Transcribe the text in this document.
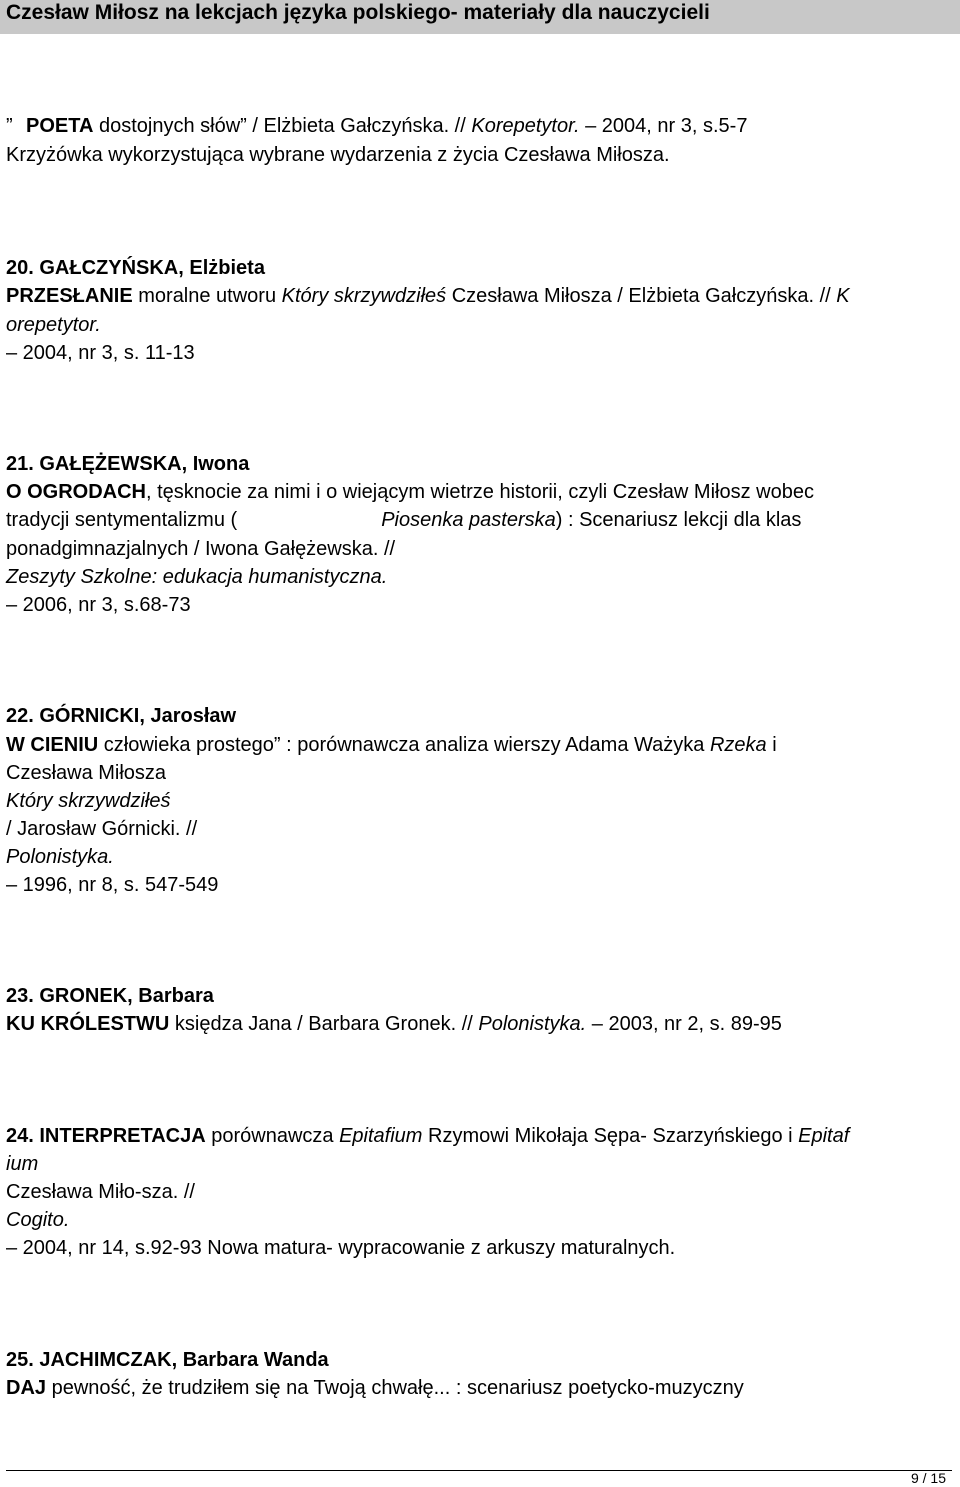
Czesław Miłosz na lekcjach języka polskiego- materiały dla nauczycieli
” POETA dostojnych słów” / Elżbieta Gałczyńska. // Korepetytor. – 2004, nr 3, s.5-7
Krzyżówka wykorzystująca wybrane wydarzenia z życia Czesława Miłosza.
20. GAŁCZYŃSKA, Elżbieta
PRZESŁANIE moralne utworu Który skrzywdziłeś Czesława Miłosza / Elżbieta Gałczyńska. // K
orepetytor.
– 2004, nr 3, s. 11-13
21. GAŁĘŻEWSKA, Iwona
O OGRODACH, tęsknocie za nimi i o wiejącym wietrze historii, czyli Czesław Miłosz wobec
tradycji sentymentalizmu (	Piosenka pasterska) : Scenariusz lekcji dla klas
ponadgimnazjalnych / Iwona Gałężewska. //
Zeszyty Szkolne: edukacja humanistyczna.
– 2006, nr 3, s.68-73
22. GÓRNICKI, Jarosław
W CIENIU człowieka prostego” : porównawcza analiza wierszy Adama Ważyka Rzeka i
Czesława Miłosza
Który skrzywdziłeś
/ Jarosław Górnicki. //
Polonistyka.
– 1996, nr 8, s. 547-549
23. GRONEK, Barbara
KU KRÓLESTWU księdza Jana / Barbara Gronek. // Polonistyka. – 2003, nr 2, s. 89-95
24. INTERPRETACJA porównawcza Epitafium Rzymowi Mikołaja Sępa- Szarzyńskiego i Epitaf
ium
Czesława Miło-sza. //
Cogito.
– 2004, nr 14, s.92-93 Nowa matura- wypracowanie z arkuszy maturalnych.
25. JACHIMCZAK, Barbara Wanda
DAJ pewność, że trudziłem się na Twoją chwałę... : scenariusz poetycko-muzyczny
9 / 15
